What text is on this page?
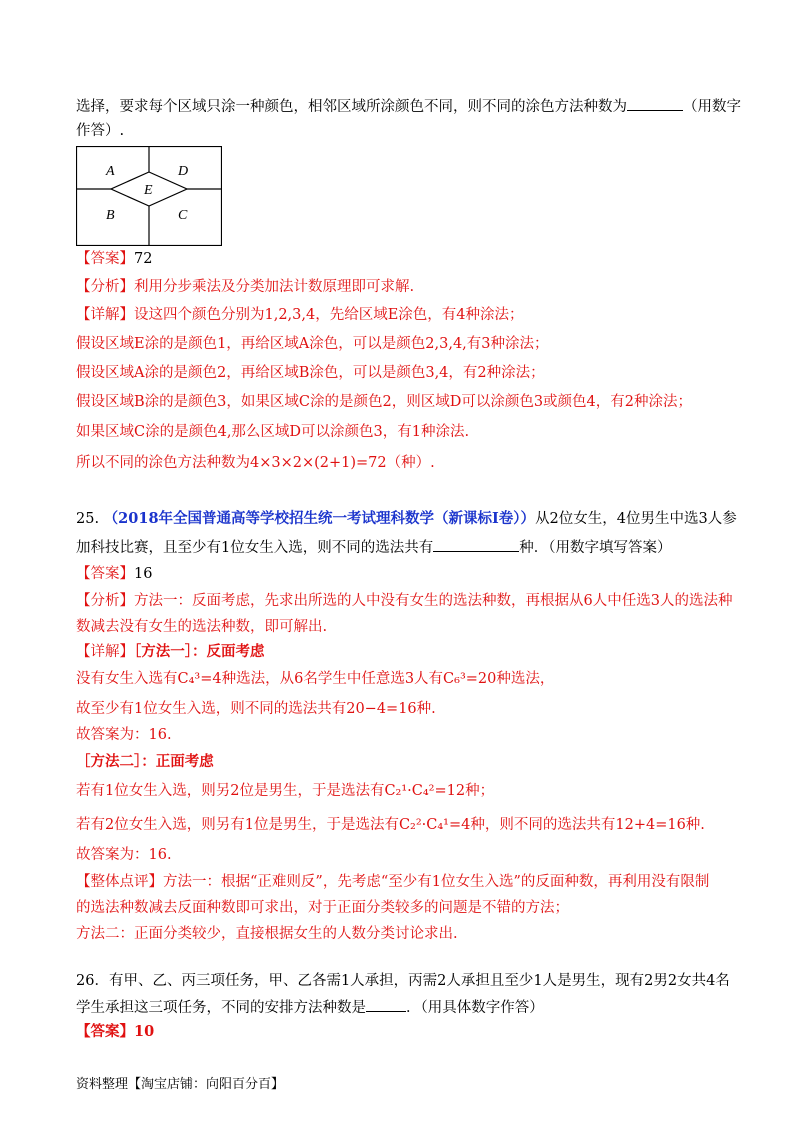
选择，要求每个区域只涂一种颜色，相邻区域所涂颜色不同，则不同的涂色方法种数为	（用数字
作答）.
A	D
E
B	C
【答案】72
【分析】利用分步乘法及分类加法计数原理即可求解.
【详解】设这四个颜色分别为1,2,3,4，先给区域E涂色，有4种涂法；
假设区域E涂的是颜色1，再给区域A涂色，可以是颜色2,3,4,有3种涂法；
假设区域A涂的是颜色2，再给区域B涂色，可以是颜色3,4，有2种涂法；
假设区域B涂的是颜色3，如果区域C涂的是颜色2，则区域D可以涂颜色3或颜色4，有2种涂法；
如果区域C涂的是颜色4,那么区域D可以涂颜色3，有1种涂法.
所以不同的涂色方法种数为4×3×2×(2+1)=72（种）.
25. （2018年全国普通高等学校招生统一考试理科数学（新课标I卷））从2位女生，4位男生中选3人参
加科技比赛，且至少有1位女生入选，则不同的选法共有	种．（用数字填写答案）
【答案】16
【分析】方法一：反面考虑，先求出所选的人中没有女生的选法种数，再根据从6人中任选3人的选法种
数减去没有女生的选法种数，即可解出.
【详解】［方法一］：反面考虑
没有女生入选有C₄³=4种选法，从6名学生中任意选3人有C₆³=20种选法，
故至少有1位女生入选，则不同的选法共有20−4=16种.
故答案为：16.
［方法二］：正面考虑
若有1位女生入选，则另2位是男生，于是选法有C₂¹·C₄²=12种；
若有2位女生入选，则另有1位是男生，于是选法有C₂²·C₄¹=4种，则不同的选法共有12+4=16种.
故答案为：16.
【整体点评】方法一：根据“正难则反”，先考虑“至少有1位女生入选”的反面种数，再利用没有限制
的选法种数减去反面种数即可求出，对于正面分类较多的问题是不错的方法；
方法二：正面分类较少，直接根据女生的人数分类讨论求出.
26．有甲、乙、丙三项任务，甲、乙各需1人承担，丙需2人承担且至少1人是男生，现有2男2女共4名
学生承担这三项任务，不同的安排方法种数是	．（用具体数字作答）
【答案】10
资料整理【淘宝店铺：向阳百分百】
